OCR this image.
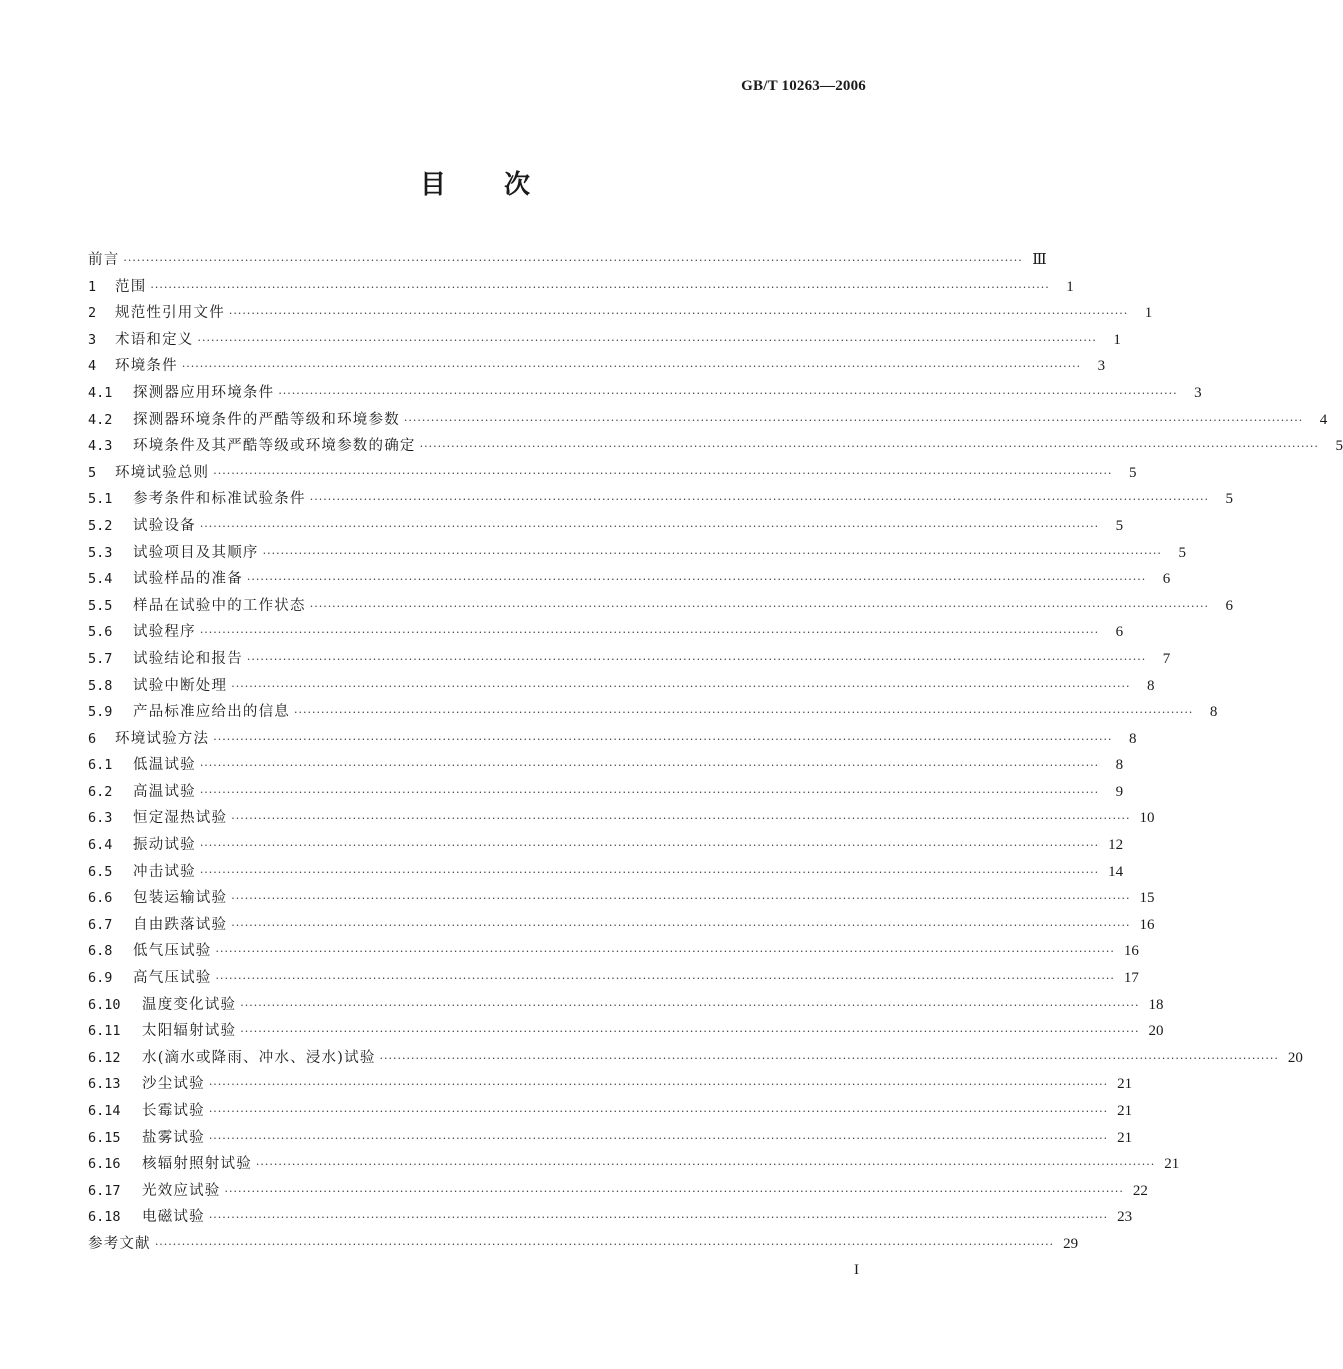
GB/T 10263—2006
目次
前言 ········································································································································································································ Ⅲ
1	范围 ········································································································································································································	1
2	规范性引用文件 ········································································································································································································	1
3	术语和定义 ········································································································································································································	1
4	环境条件 ········································································································································································································	3
4.1	探测器应用环境条件 ········································································································································································································	3
4.2	探测器环境条件的严酷等级和环境参数 ········································································································································································································	4
4.3	环境条件及其严酷等级或环境参数的确定 ········································································································································································································	5
5	环境试验总则 ········································································································································································································	5
5.1	参考条件和标准试验条件 ········································································································································································································	5
5.2	试验设备 ········································································································································································································	5
5.3	试验项目及其顺序 ········································································································································································································	5
5.4	试验样品的准备 ········································································································································································································	6
5.5	样品在试验中的工作状态 ········································································································································································································	6
5.6	试验程序 ········································································································································································································	6
5.7	试验结论和报告 ········································································································································································································	7
5.8	试验中断处理 ········································································································································································································	8
5.9	产品标准应给出的信息 ········································································································································································································	8
6	环境试验方法 ········································································································································································································	8
6.1	低温试验 ········································································································································································································	8
6.2	高温试验 ········································································································································································································	9
6.3	恒定湿热试验 ········································································································································································································ 10
6.4	振动试验 ········································································································································································································ 12
6.5	冲击试验 ········································································································································································································ 14
6.6	包装运输试验 ········································································································································································································ 15
6.7	自由跌落试验 ········································································································································································································ 16
6.8	低气压试验 ········································································································································································································ 16
6.9	高气压试验 ········································································································································································································ 17
6.10	温度变化试验 ········································································································································································································ 18
6.11	太阳辐射试验 ········································································································································································································ 20
6.12	水(滴水或降雨、冲水、浸水)试验 ········································································································································································································ 20
6.13	沙尘试验 ········································································································································································································ 21
6.14	长霉试验 ········································································································································································································ 21
6.15	盐雾试验 ········································································································································································································ 21
6.16	核辐射照射试验 ········································································································································································································ 21
6.17	光效应试验 ········································································································································································································ 22
6.18	电磁试验 ········································································································································································································ 23
参考文献 ········································································································································································································ 29
I
